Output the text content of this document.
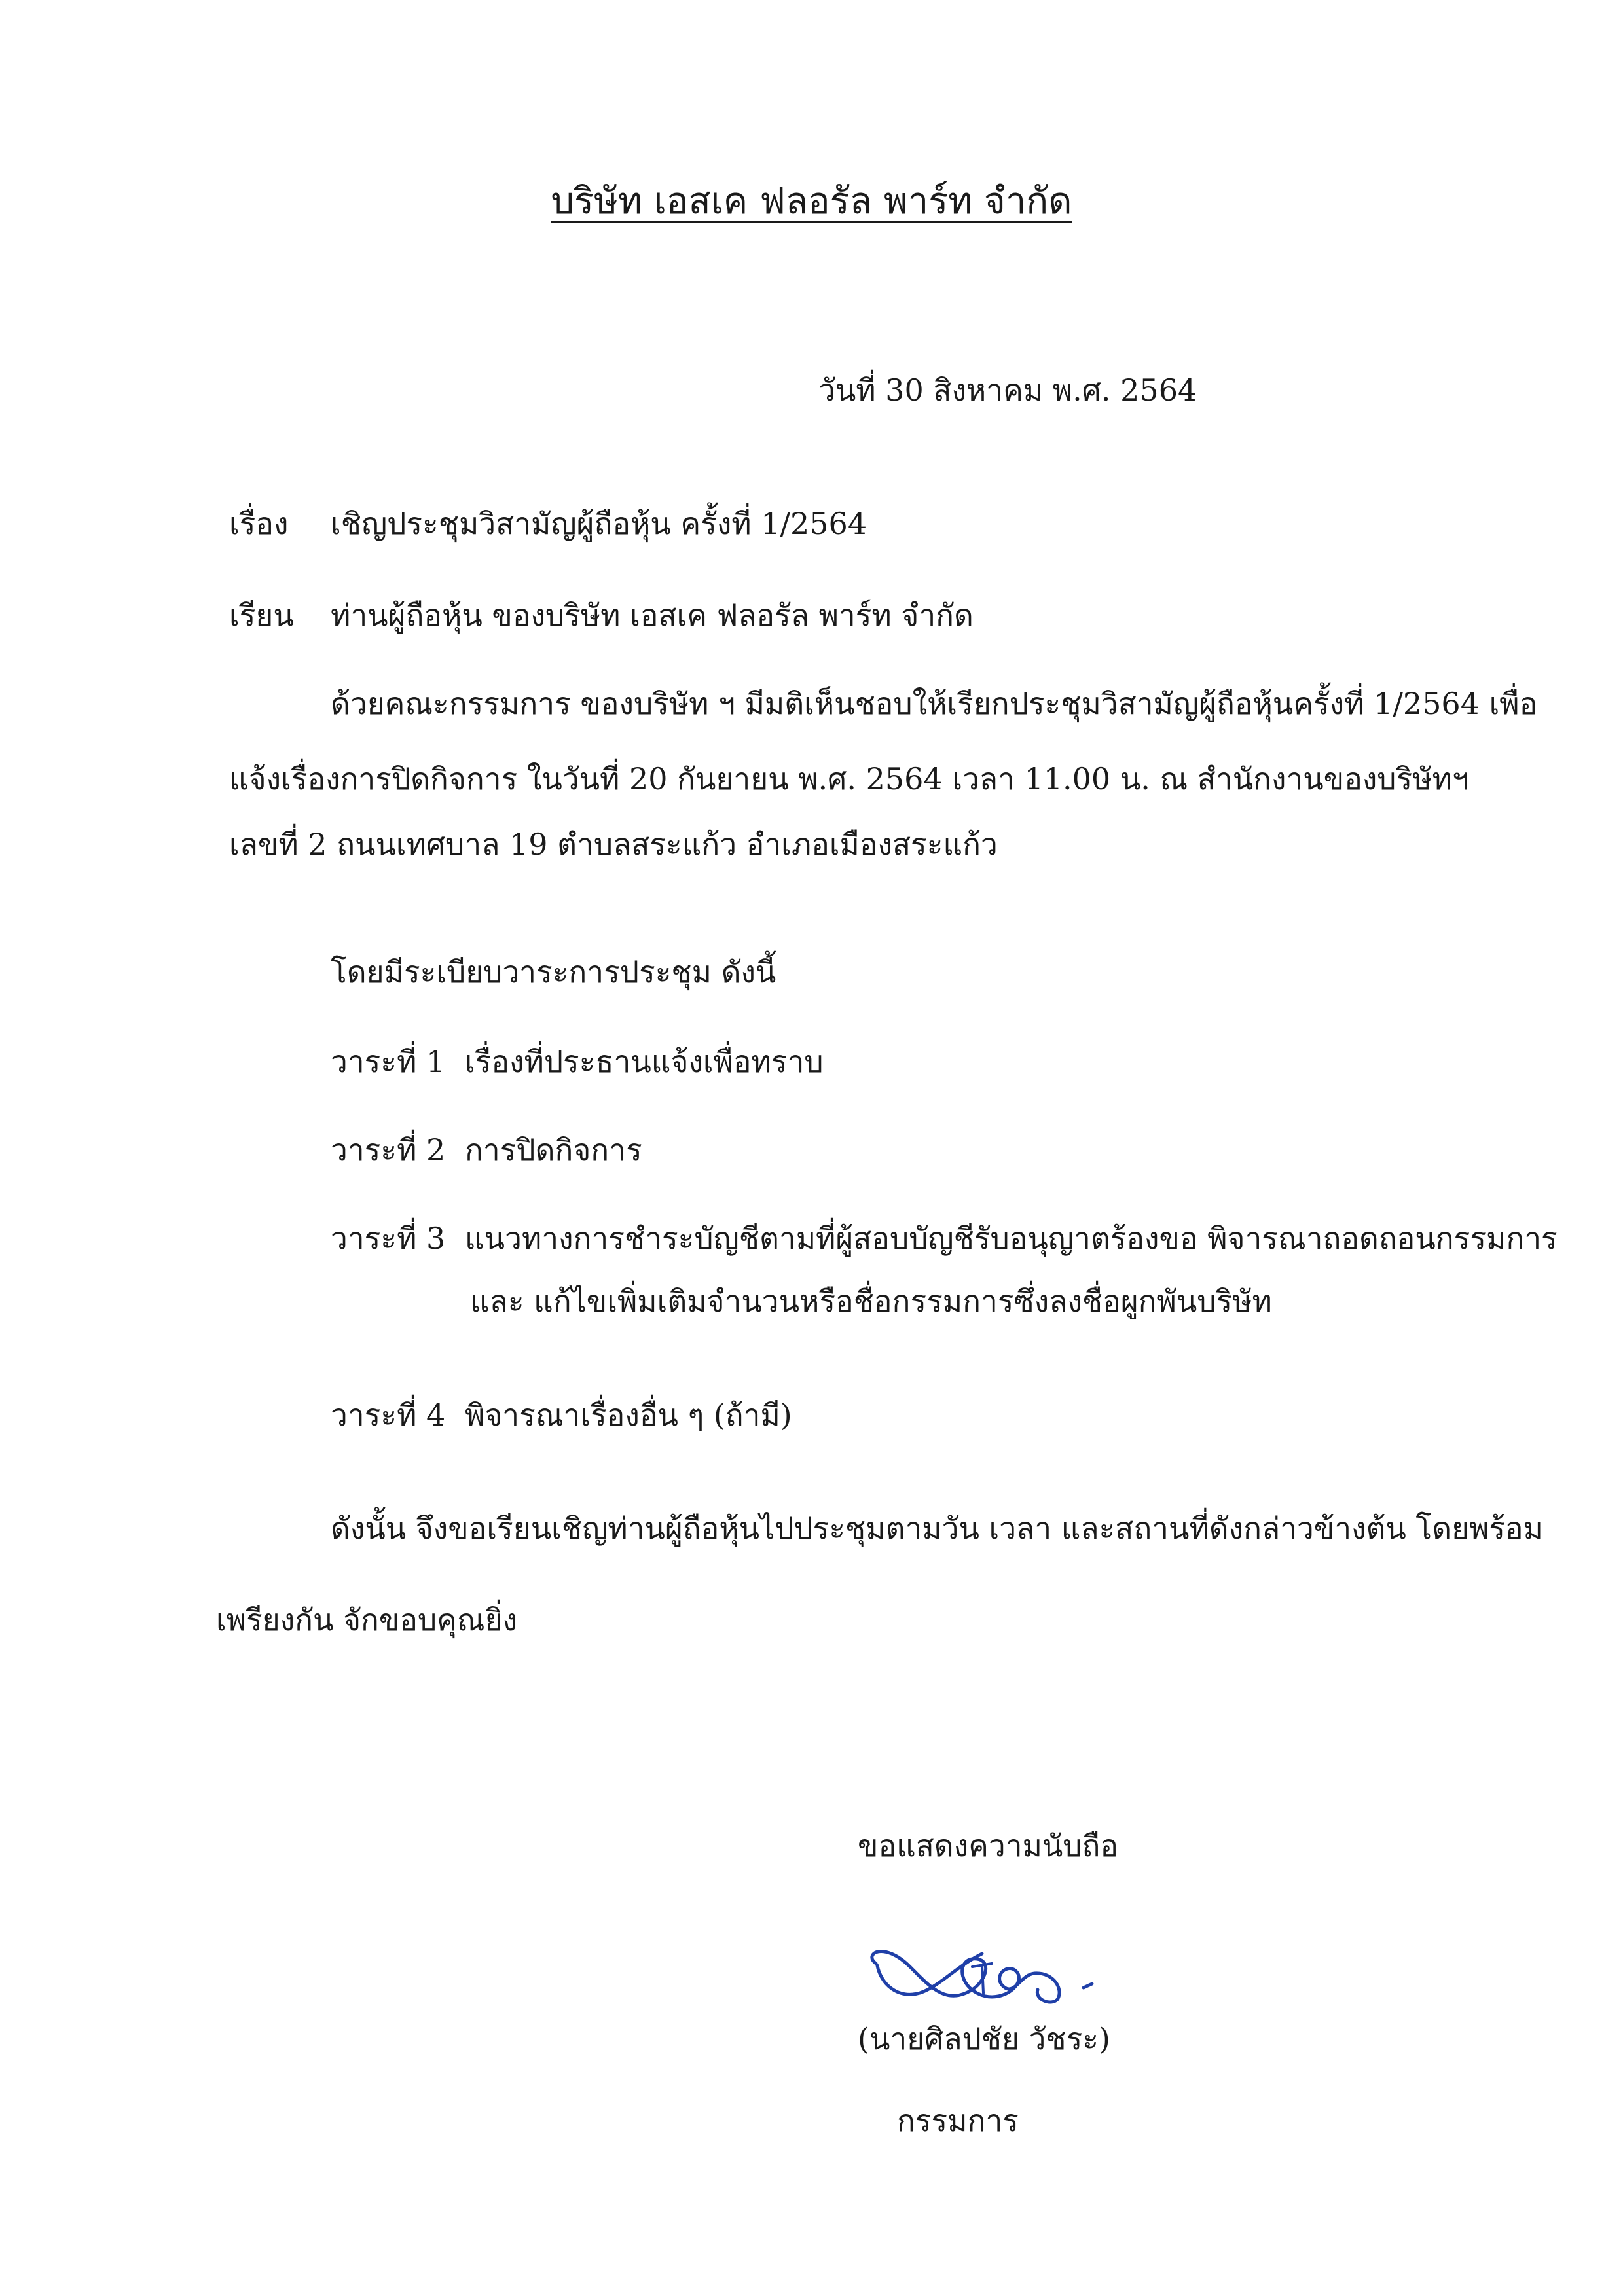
บริษัท เอสเค ฟลอรัล พาร์ท จำกัด
วันที่ 30 สิงหาคม พ.ศ. 2564
เรื่อง เชิญประชุมวิสามัญผู้ถือหุ้น ครั้งที่ 1/2564
เรียน ท่านผู้ถือหุ้น ของบริษัท เอสเค ฟลอรัล พาร์ท จำกัด
ด้วยคณะกรรมการ ของบริษัท ฯ มีมติเห็นชอบให้เรียกประชุมวิสามัญผู้ถือหุ้นครั้งที่ 1/2564 เพื่อ
แจ้งเรื่องการปิดกิจการ ในวันที่ 20 กันยายน พ.ศ. 2564 เวลา 11.00 น. ณ สำนักงานของบริษัทฯ
เลขที่ 2 ถนนเทศบาล 19 ตำบลสระแก้ว อำเภอเมืองสระแก้ว
โดยมีระเบียบวาระการประชุม ดังนี้
วาระที่ 1 เรื่องที่ประธานแจ้งเพื่อทราบ
วาระที่ 2 การปิดกิจการ
วาระที่ 3 แนวทางการชำระบัญชีตามที่ผู้สอบบัญชีรับอนุญาตร้องขอ พิจารณาถอดถอนกรรมการ
และ แก้ไขเพิ่มเติมจำนวนหรือชื่อกรรมการซึ่งลงชื่อผูกพันบริษัท
วาระที่ 4 พิจารณาเรื่องอื่น ๆ (ถ้ามี)
ดังนั้น จึงขอเรียนเชิญท่านผู้ถือหุ้นไปประชุมตามวัน เวลา และสถานที่ดังกล่าวข้างต้น โดยพร้อม
เพรียงกัน จักขอบคุณยิ่ง
ขอแสดงความนับถือ
(นายศิลปชัย วัชระ)
กรรมการ
